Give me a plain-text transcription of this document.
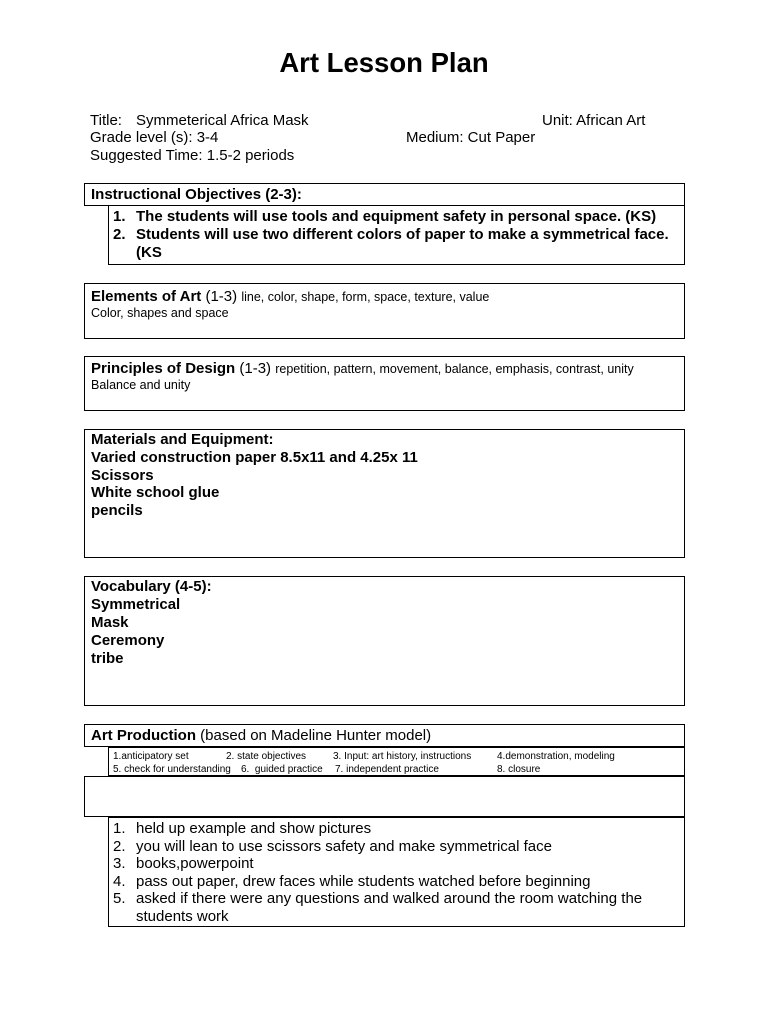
Art Lesson Plan
Title: Symmeterical Africa Mask	Unit: African Art
Grade level (s): 3-4	Medium: Cut Paper
Suggested Time: 1.5-2 periods
Instructional Objectives (2-3):
1. The students will use tools and equipment safety in personal space. (KS)
2. Students will use two different colors of paper to make a symmetrical face. (KS
Elements of Art (1-3) line, color, shape, form, space, texture, value
Color, shapes and space
Principles of Design (1-3) repetition, pattern, movement, balance, emphasis, contrast, unity
Balance and unity
Materials and Equipment:
Varied construction paper 8.5x11 and 4.25x 11
Scissors
White school glue
pencils
Vocabulary (4-5):
Symmetrical
Mask
Ceremony
tribe
Art Production (based on Madeline Hunter model)
1.anticipatory set	2. state objectives	3. Input: art history, instructions	4.demonstration, modeling
5. check for understanding 6.  guided practice 7. independent practice	8. closure
1. held up example and show pictures
2. you will lean to use scissors safety and make symmetrical face
3. books,powerpoint
4. pass out paper, drew faces while students watched before beginning
5. asked if there were any questions and walked around the room watching the students work
